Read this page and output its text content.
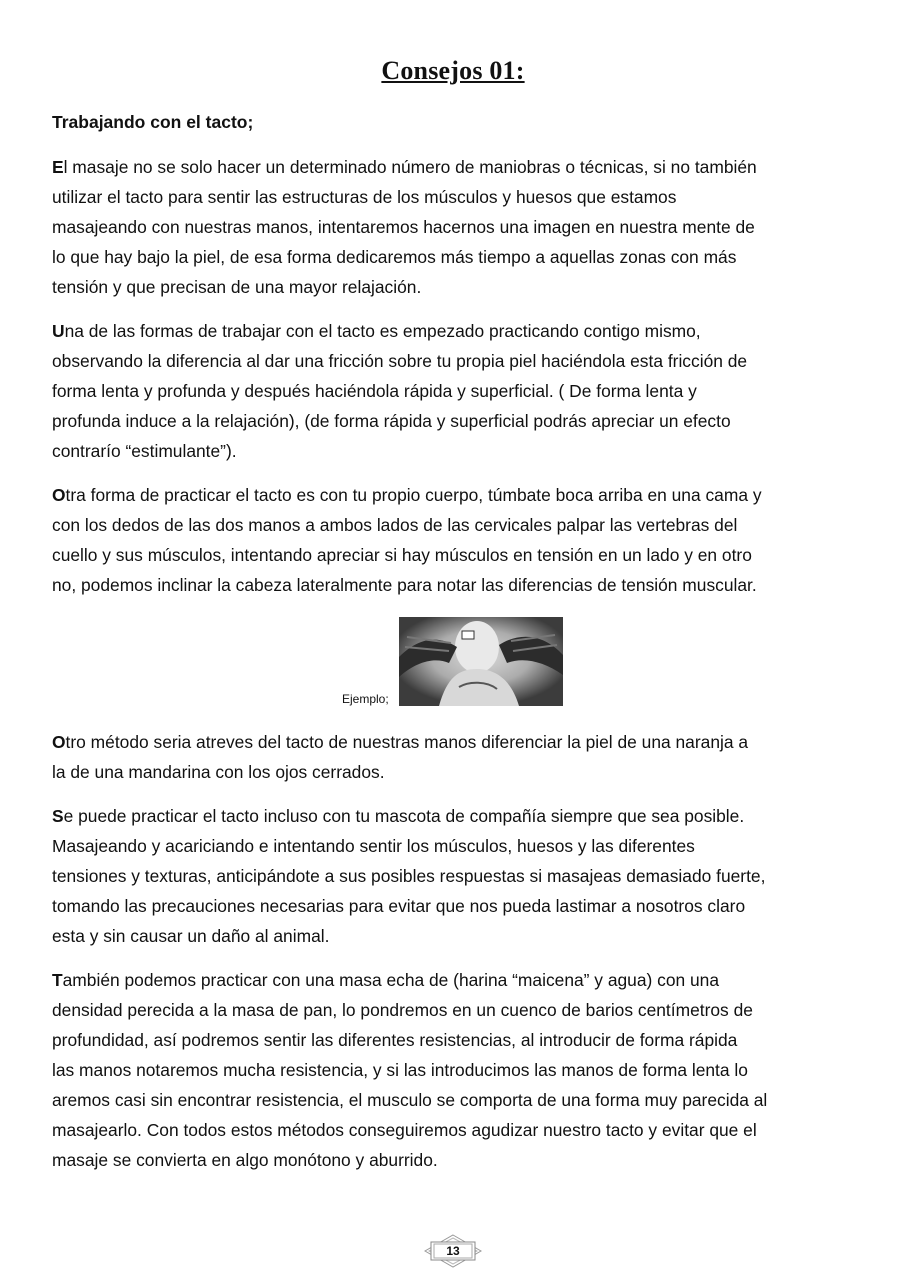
Consejos 01:
Trabajando con el tacto;

El masaje no se solo hacer un determinado número de maniobras o técnicas, si no también
utilizar el tacto para sentir las estructuras de los músculos y huesos que estamos
masajeando con nuestras manos, intentaremos hacernos una imagen en nuestra mente de
lo que hay bajo la piel, de esa forma dedicaremos más tiempo a aquellas zonas con más
tensión y que precisan de una mayor relajación.

Una de las formas de trabajar con el tacto es empezado practicando contigo mismo,
observando la diferencia al dar una fricción sobre tu propia piel haciéndola esta fricción de
forma lenta y profunda y después haciéndola rápida y superficial. ( De forma lenta y
profunda induce a la relajación), (de forma rápida y superficial podrás apreciar un efecto
contrarío “estimulante”).

Otra forma de practicar el tacto es con tu propio cuerpo, túmbate boca arriba en una cama y
con los dedos de las dos manos a ambos lados de las cervicales palpar las vertebras del
cuello y sus músculos, intentando apreciar si hay músculos en tensión en un lado y en otro
no, podemos inclinar la cabeza lateralmente para notar las diferencias de tensión muscular.

Ejemplo;

Otro método seria atreves del tacto de nuestras manos diferenciar la piel de una naranja a
la de una mandarina con los ojos cerrados.

Se puede practicar el tacto incluso con tu mascota de compañía siempre que sea posible.
Masajeando y acariciando e intentando sentir los músculos, huesos y las diferentes
tensiones y texturas, anticipándote a sus posibles respuestas si masajeas demasiado fuerte,
tomando las precauciones necesarias para evitar que nos pueda lastimar a nosotros claro
esta y sin causar un daño al animal.

También podemos practicar con una masa echa de (harina “maicena” y agua) con una
densidad perecida a la masa de pan, lo pondremos en un cuenco de barios centímetros de
profundidad, así podremos sentir las diferentes resistencias, al introducir de forma rápida
las manos notaremos mucha resistencia, y si las introducimos las manos de forma lenta lo
aremos casi sin encontrar resistencia, el musculo se comporta de una forma muy parecida al
masajearlo. Con todos estos métodos conseguiremos agudizar nuestro tacto y evitar que el
masaje se convierta en algo monótono y aburrido.

13
